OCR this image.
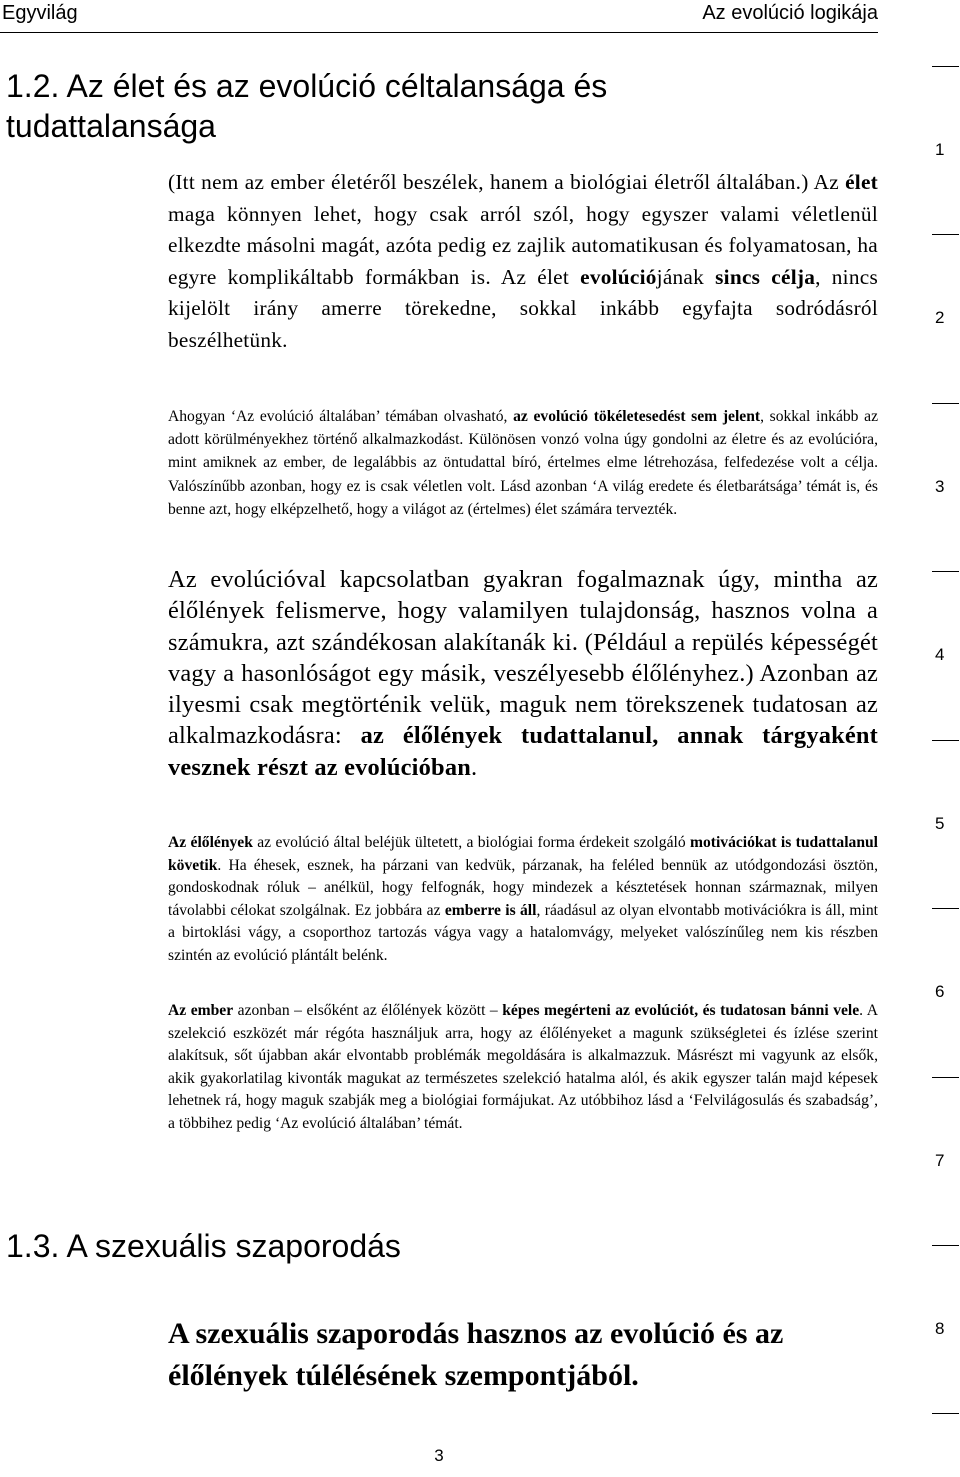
Egyvilág	Az evolúció logikája
1.2. Az élet és az evolúció céltalansága és tudattalansága
(Itt nem az ember életéről beszélek, hanem a biológiai életről általában.) Az élet maga könnyen lehet, hogy csak arról szól, hogy egyszer valami véletlenül elkezdte másolni magát, azóta pedig ez zajlik automatikusan és folyamatosan, ha egyre komplikáltabb formákban is. Az élet evolúciójának sincs célja, nincs kijelölt irány amerre törekedne, sokkal inkább egyfajta sodródásról beszélhetünk.
Ahogyan ‘Az evolúció általában’ témában olvasható, az evolúció tökéletesedést sem jelent, sokkal inkább az adott körülményekhez történő alkalmazkodást. Különösen vonzó volna úgy gondolni az életre és az evolúcióra, mint amiknek az ember, de legalábbis az öntudattal bíró, értelmes elme létrehozása, felfedezése volt a célja. Valószínűbb azonban, hogy ez is csak véletlen volt. Lásd azonban ‘A világ eredete és életbarátsága’ témát is, és benne azt, hogy elképzelhető, hogy a világot az (értelmes) élet számára tervezték.
Az evolúcióval kapcsolatban gyakran fogalmaznak úgy, mintha az élőlények felismerve, hogy valamilyen tulajdonság, hasznos volna a számukra, azt szándékosan alakítanák ki. (Például a repülés képességét vagy a hasonlóságot egy másik, veszélyesebb élőlényhez.) Azonban az ilyesmi csak megtörténik velük, maguk nem törekszenek tudatosan az alkalmazkodásra: az élőlények tudattalanul, annak tárgyaként vesznek részt az evolúcióban.
Az élőlények az evolúció által beléjük ültetett, a biológiai forma érdekeit szolgáló motivációkat is tudattalanul követik. Ha éhesek, esznek, ha párzani van kedvük, párzanak, ha feléled bennük az utódgondozási ösztön, gondoskodnak róluk – anélkül, hogy felfognák, hogy mindezek a késztetések honnan származnak, milyen távolabbi célokat szolgálnak. Ez jobbára az emberre is áll, ráadásul az olyan elvontabb motivációkra is áll, mint a birtoklási vágy, a csoporthoz tartozás vágya vagy a hatalomvágy, melyeket valószínűleg nem kis részben szintén az evolúció plántált belénk.
Az ember azonban – elsőként az élőlények között – képes megérteni az evolúciót, és tudatosan bánni vele. A szelekció eszközét már régóta használjuk arra, hogy az élőlényeket a magunk szükségletei és ízlése szerint alakítsuk, sőt újabban akár elvontabb problémák megoldására is alkalmazzuk. Másrészt mi vagyunk az elsők, akik gyakorlatilag kivonták magukat az természetes szelekció hatalma alól, és akik egyszer talán majd képesek lehetnek rá, hogy maguk szabják meg a biológiai formájukat. Az utóbbihoz lásd a ‘Felvilágosulás és szabadság’, a többihez pedig ‘Az evolúció általában’ témát.
1.3. A szexuális szaporodás
A szexuális szaporodás hasznos az evolúció és az élőlények túlélésének szempontjából.
1
2
3
4
5
6
7
8
3
